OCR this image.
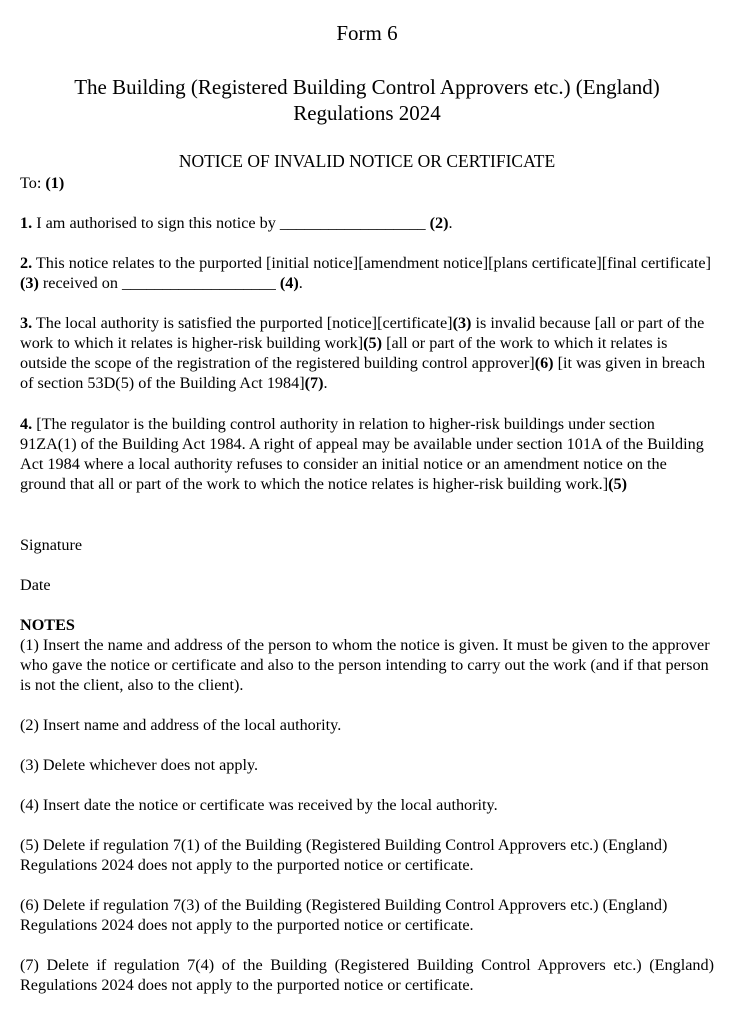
Form 6
The Building (Registered Building Control Approvers etc.) (England)
Regulations 2024
NOTICE OF INVALID NOTICE OR CERTIFICATE

To: (1)

1. I am authorised to sign this notice by __________________ (2).

2. This notice relates to the purported [initial notice][amendment notice][plans certificate][final certificate](3) received on ___________________ (4).

3. The local authority is satisfied the purported [notice][certificate](3) is invalid because [all or part of the work to which it relates is higher-risk building work](5) [all or part of the work to which it relates is outside the scope of the registration of the registered building control approver](6) [it was given in breach of section 53D(5) of the Building Act 1984](7).

4. [The regulator is the building control authority in relation to higher-risk buildings under section 91ZA(1) of the Building Act 1984. A right of appeal may be available under section 101A of the Building Act 1984 where a local authority refuses to consider an initial notice or an amendment notice on the ground that all or part of the work to which the notice relates is higher-risk building work.](5)

Signature

Date

NOTES

(1) Insert the name and address of the person to whom the notice is given. It must be given to the approver who gave the notice or certificate and also to the person intending to carry out the work (and if that person is not the client, also to the client).

(2) Insert name and address of the local authority.

(3) Delete whichever does not apply.

(4) Insert date the notice or certificate was received by the local authority.

(5) Delete if regulation 7(1) of the Building (Registered Building Control Approvers etc.) (England) Regulations 2024 does not apply to the purported notice or certificate.

(6) Delete if regulation 7(3) of the Building (Registered Building Control Approvers etc.) (England) Regulations 2024 does not apply to the purported notice or certificate.

(7) Delete if regulation 7(4) of the Building (Registered Building Control Approvers etc.) (England) Regulations 2024 does not apply to the purported notice or certificate.
